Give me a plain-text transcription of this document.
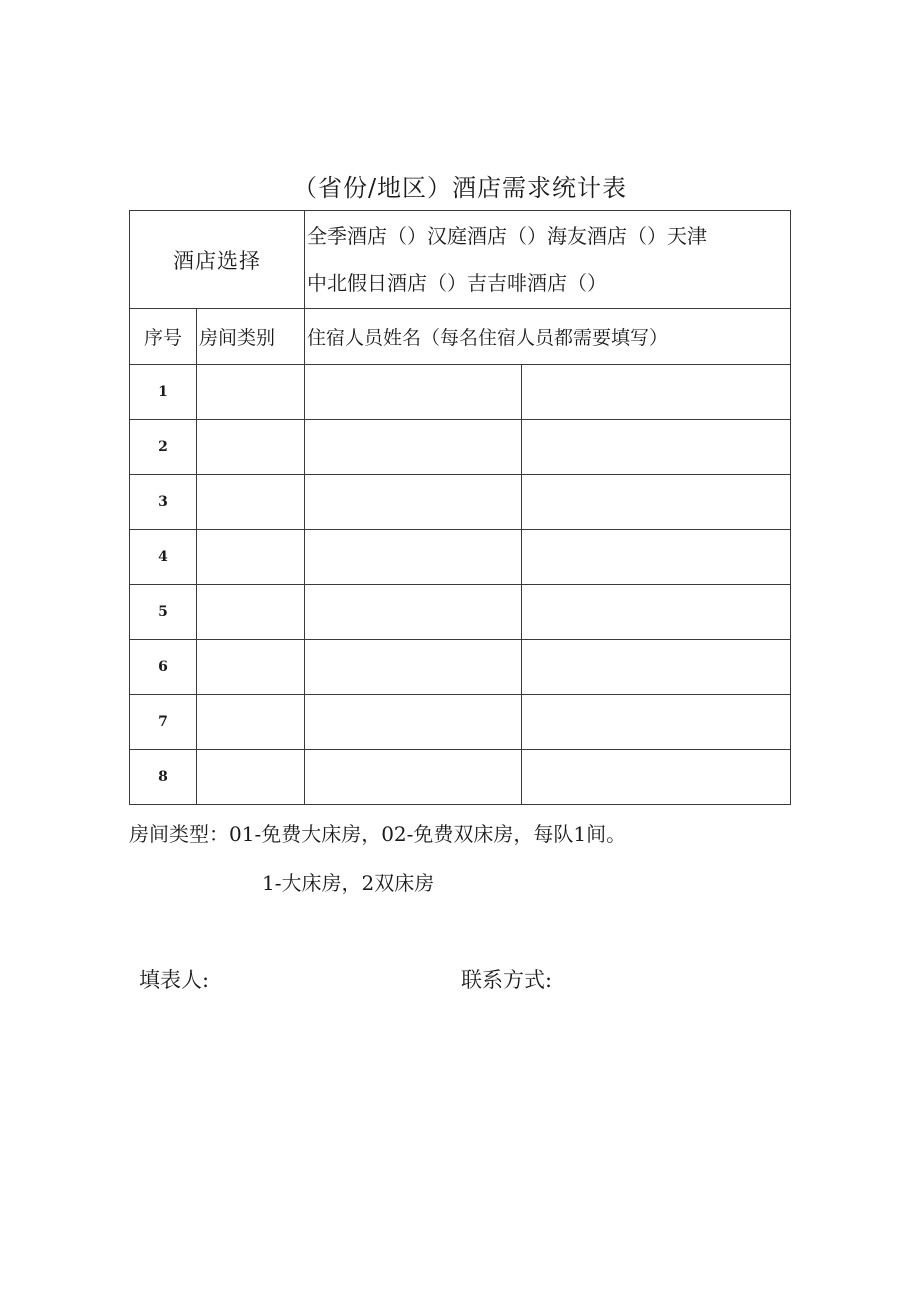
（省份/地区）酒店需求统计表
酒店选择		全季酒店（）汉庭酒店（）海友酒店（）天津
中北假日酒店（）吉吉啡酒店（）	

序号	房间类别	住宿人员姓名（每名住宿人员都需要填写）	
1			
2			
3			
4			
5			
6			
7			
8			
房间类型：01-免费大床房，02-免费双床房，每队1间。
1-大床房，2双床房
填表人:	联系方式:
